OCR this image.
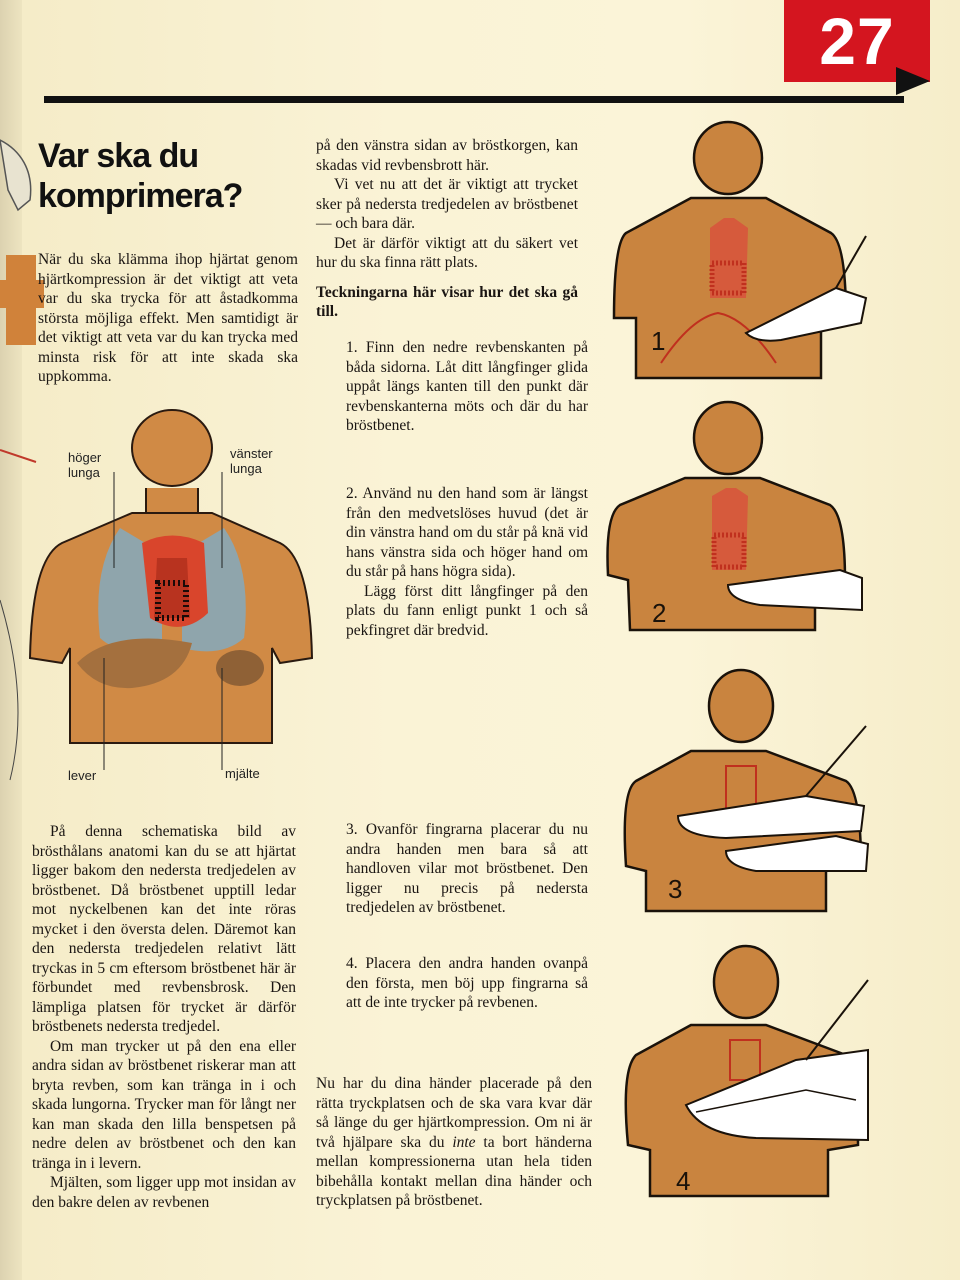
27
Var ska du komprimera?

När du ska klämma ihop hjärtat genom hjärtkompression är det viktigt att veta var du ska trycka för att åstadkomma största möjliga effekt. Men samtidigt är det viktigt att veta var du kan trycka med minsta risk för att inte skada ska uppkomma.

höger lunga
vänster lunga
lever	mjälte

På denna schematiska bild av brösthålans anatomi kan du se att hjärtat ligger bakom den nedersta tredjedelen av bröstbenet. Då bröstbenet upptill ledar mot nyckelbenen kan det inte röras mycket i den översta delen. Däremot kan den nedersta tredjedelen relativt lätt tryckas in 5 cm eftersom bröstbenet här är förbundet med revbensbrosk. Den lämpliga platsen för trycket är därför bröstbenets nedersta tredjedel.

Om man trycker ut på den ena eller andra sidan av bröstbenet riskerar man att bryta revben, som kan tränga in i och skada lungorna. Trycker man för långt ner kan man skada den lilla benspetsen på nedre delen av bröstbenet och den kan tränga in i levern.

Mjälten, som ligger upp mot insidan av den bakre delen av revbenen

på den vänstra sidan av bröstkorgen, kan skadas vid revbensbrott här.

Vi vet nu att det är viktigt att trycket sker på nedersta tredjedelen av bröstbenet — och bara där.

Det är därför viktigt att du säkert vet hur du ska finna rätt plats.

Teckningarna här visar hur det ska gå till.

1. Finn den nedre revbenskanten på båda sidorna. Låt ditt långfinger glida uppåt längs kanten till den punkt där revbenskanterna möts och där du har bröstbenet.

2. Använd nu den hand som är längst från den medvetslöses huvud (det är din vänstra hand om du står på knä vid hans vänstra sida och höger hand om du står på hans högra sida).

Lägg först ditt långfinger på den plats du fann enligt punkt 1 och så pekfingret där bredvid.

3. Ovanför fingrarna placerar du nu andra handen men bara så att handloven vilar mot bröstbenet. Den ligger nu precis på nedersta tredjedelen av bröstbenet.

4. Placera den andra handen ovanpå den första, men böj upp fingrarna så att de inte trycker på revbenen.

Nu har du dina händer placerade på den rätta tryckplatsen och de ska vara kvar där så länge du ger hjärtkompression. Om ni är två hjälpare ska du inte ta bort händerna mellan kompressionerna utan hela tiden bibehålla kontakt mellan dina händer och tryckplatsen på bröstbenet.

1
2
3
4
